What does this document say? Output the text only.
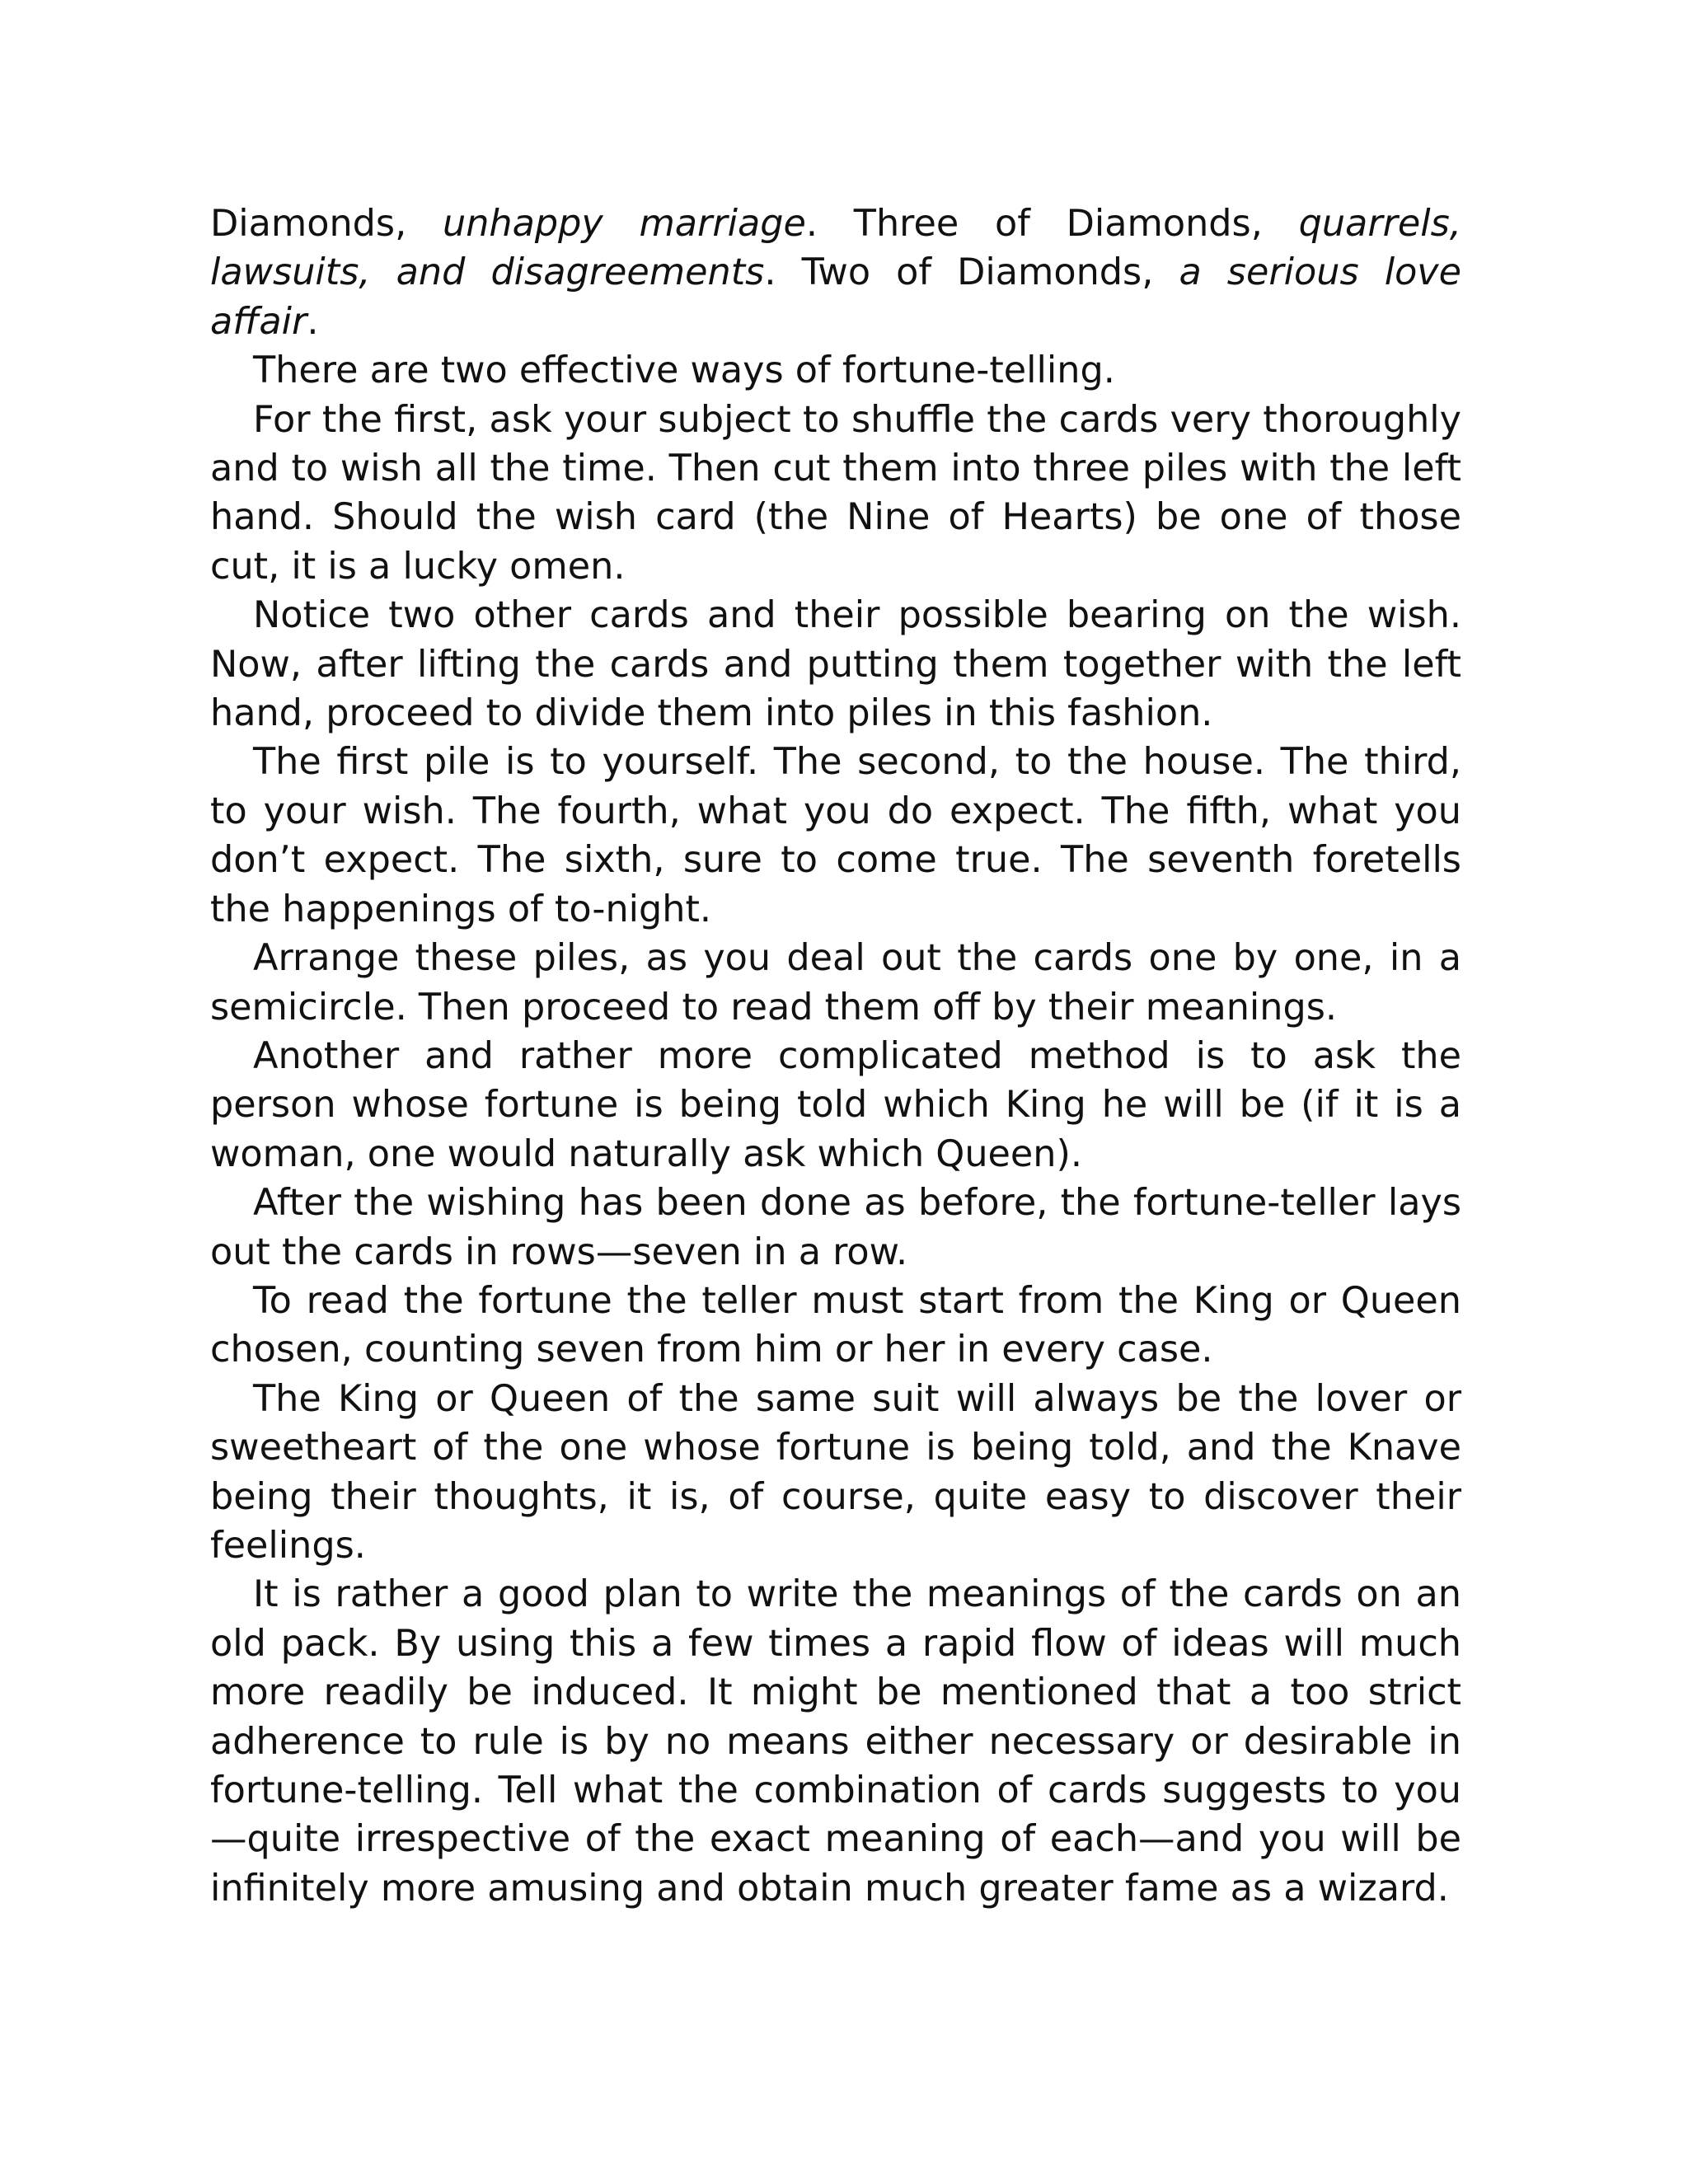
Diamonds, unhappy marriage. Three of Diamonds, quarrels, lawsuits, and disagreements. Two of Diamonds, a serious love affair.

There are two effective ways of fortune-telling.

For the first, ask your subject to shuffle the cards very thoroughly and to wish all the time. Then cut them into three piles with the left hand. Should the wish card (the Nine of Hearts) be one of those cut, it is a lucky omen.

Notice two other cards and their possible bearing on the wish. Now, after lifting the cards and putting them together with the left hand, proceed to divide them into piles in this fashion.

The first pile is to yourself. The second, to the house. The third, to your wish. The fourth, what you do expect. The fifth, what you don’t expect. The sixth, sure to come true. The seventh foretells the happenings of to-night.

Arrange these piles, as you deal out the cards one by one, in a semicircle. Then proceed to read them off by their meanings.

Another and rather more complicated method is to ask the person whose fortune is being told which King he will be (if it is a woman, one would naturally ask which Queen).

After the wishing has been done as before, the fortune-teller lays out the cards in rows—seven in a row.

To read the fortune the teller must start from the King or Queen chosen, counting seven from him or her in every case.

The King or Queen of the same suit will always be the lover or sweetheart of the one whose fortune is being told, and the Knave being their thoughts, it is, of course, quite easy to discover their feelings.

It is rather a good plan to write the meanings of the cards on an old pack. By using this a few times a rapid flow of ideas will much more readily be induced. It might be mentioned that a too strict adherence to rule is by no means either necessary or desirable in fortune-telling. Tell what the combination of cards suggests to you—quite irrespective of the exact meaning of each—and you will be infinitely more amusing and obtain much greater fame as a wizard.
